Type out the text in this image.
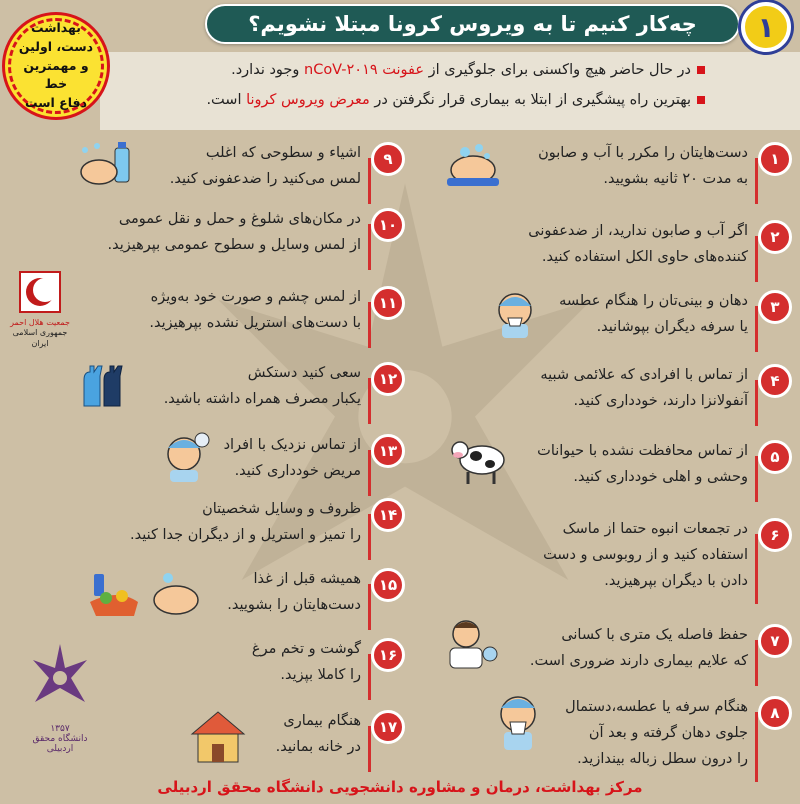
چه‌کار کنیم تا به ویروس کرونا مبتلا نشویم؟	۱
در حال حاضر هیچ واکسنی برای جلوگیری از عفونت nCoV-۲۰۱۹ وجود ندارد.
بهترین راه پیشگیری از ابتلا به بیماری قرار نگرفتن در معرض ویروس کرونا است.
بهداشت
دست، اولین
و مهمترین خط
دفاع است
۱
دست‌هایتان را مکرر با آب و صابون
به مدت ۲۰ ثانیه بشویید.
۲
اگر آب و صابون ندارید، از ضدعفونی
کننده‌های حاوی الکل استفاده کنید.
۳
دهان و بینی‌تان را هنگام عطسه
یا سرفه دیگران بپوشانید.
۴
از تماس با افرادی که علائمی شبیه
آنفولانزا دارند، خودداری کنید.
۵
از تماس محافظت نشده با حیوانات
وحشی و اهلی خودداری کنید.
۶
در تجمعات انبوه حتما از ماسک
استفاده کنید و از روبوسی و دست
دادن با دیگران بپرهیزید.
۷
حفظ فاصله یک متری با کسانی
که علایم بیماری دارند ضروری است.
۸
هنگام سرفه یا عطسه،دستمال
جلوی دهان گرفته و بعد آن
را درون سطل زباله بیندازید.
۹
اشیاء و سطوحی که اغلب
لمس می‌کنید را ضدعفونی کنید.
۱۰
در مکان‌های شلوغ و حمل و نقل عمومی
از لمس وسایل و سطوح عمومی بپرهیزید.
۱۱
از لمس چشم و صورت خود به‌ویژه
با دست‌های استریل نشده بپرهیزید.
۱۲
سعی کنید دستکش
یکبار مصرف همراه داشته باشید.
۱۳
از تماس نزدیک با افراد
مریض خودداری کنید.
۱۴
ظروف و وسایل شخصیتان
را تمیز و استریل و از دیگران جدا کنید.
۱۵
همیشه قبل از غذا
دست‌هایتان را بشویید.
۱۶
گوشت و تخم مرغ
را کاملا بپزید.
۱۷
هنگام بیماری
در خانه بمانید.
جمعیت هلال احمر
جمهوری اسلامی ایران
۱۳۵۷
دانشگاه محقق اردبیلی
مرکز بهداشت، درمان و مشاوره دانشجویی دانشگاه محقق اردبیلی
